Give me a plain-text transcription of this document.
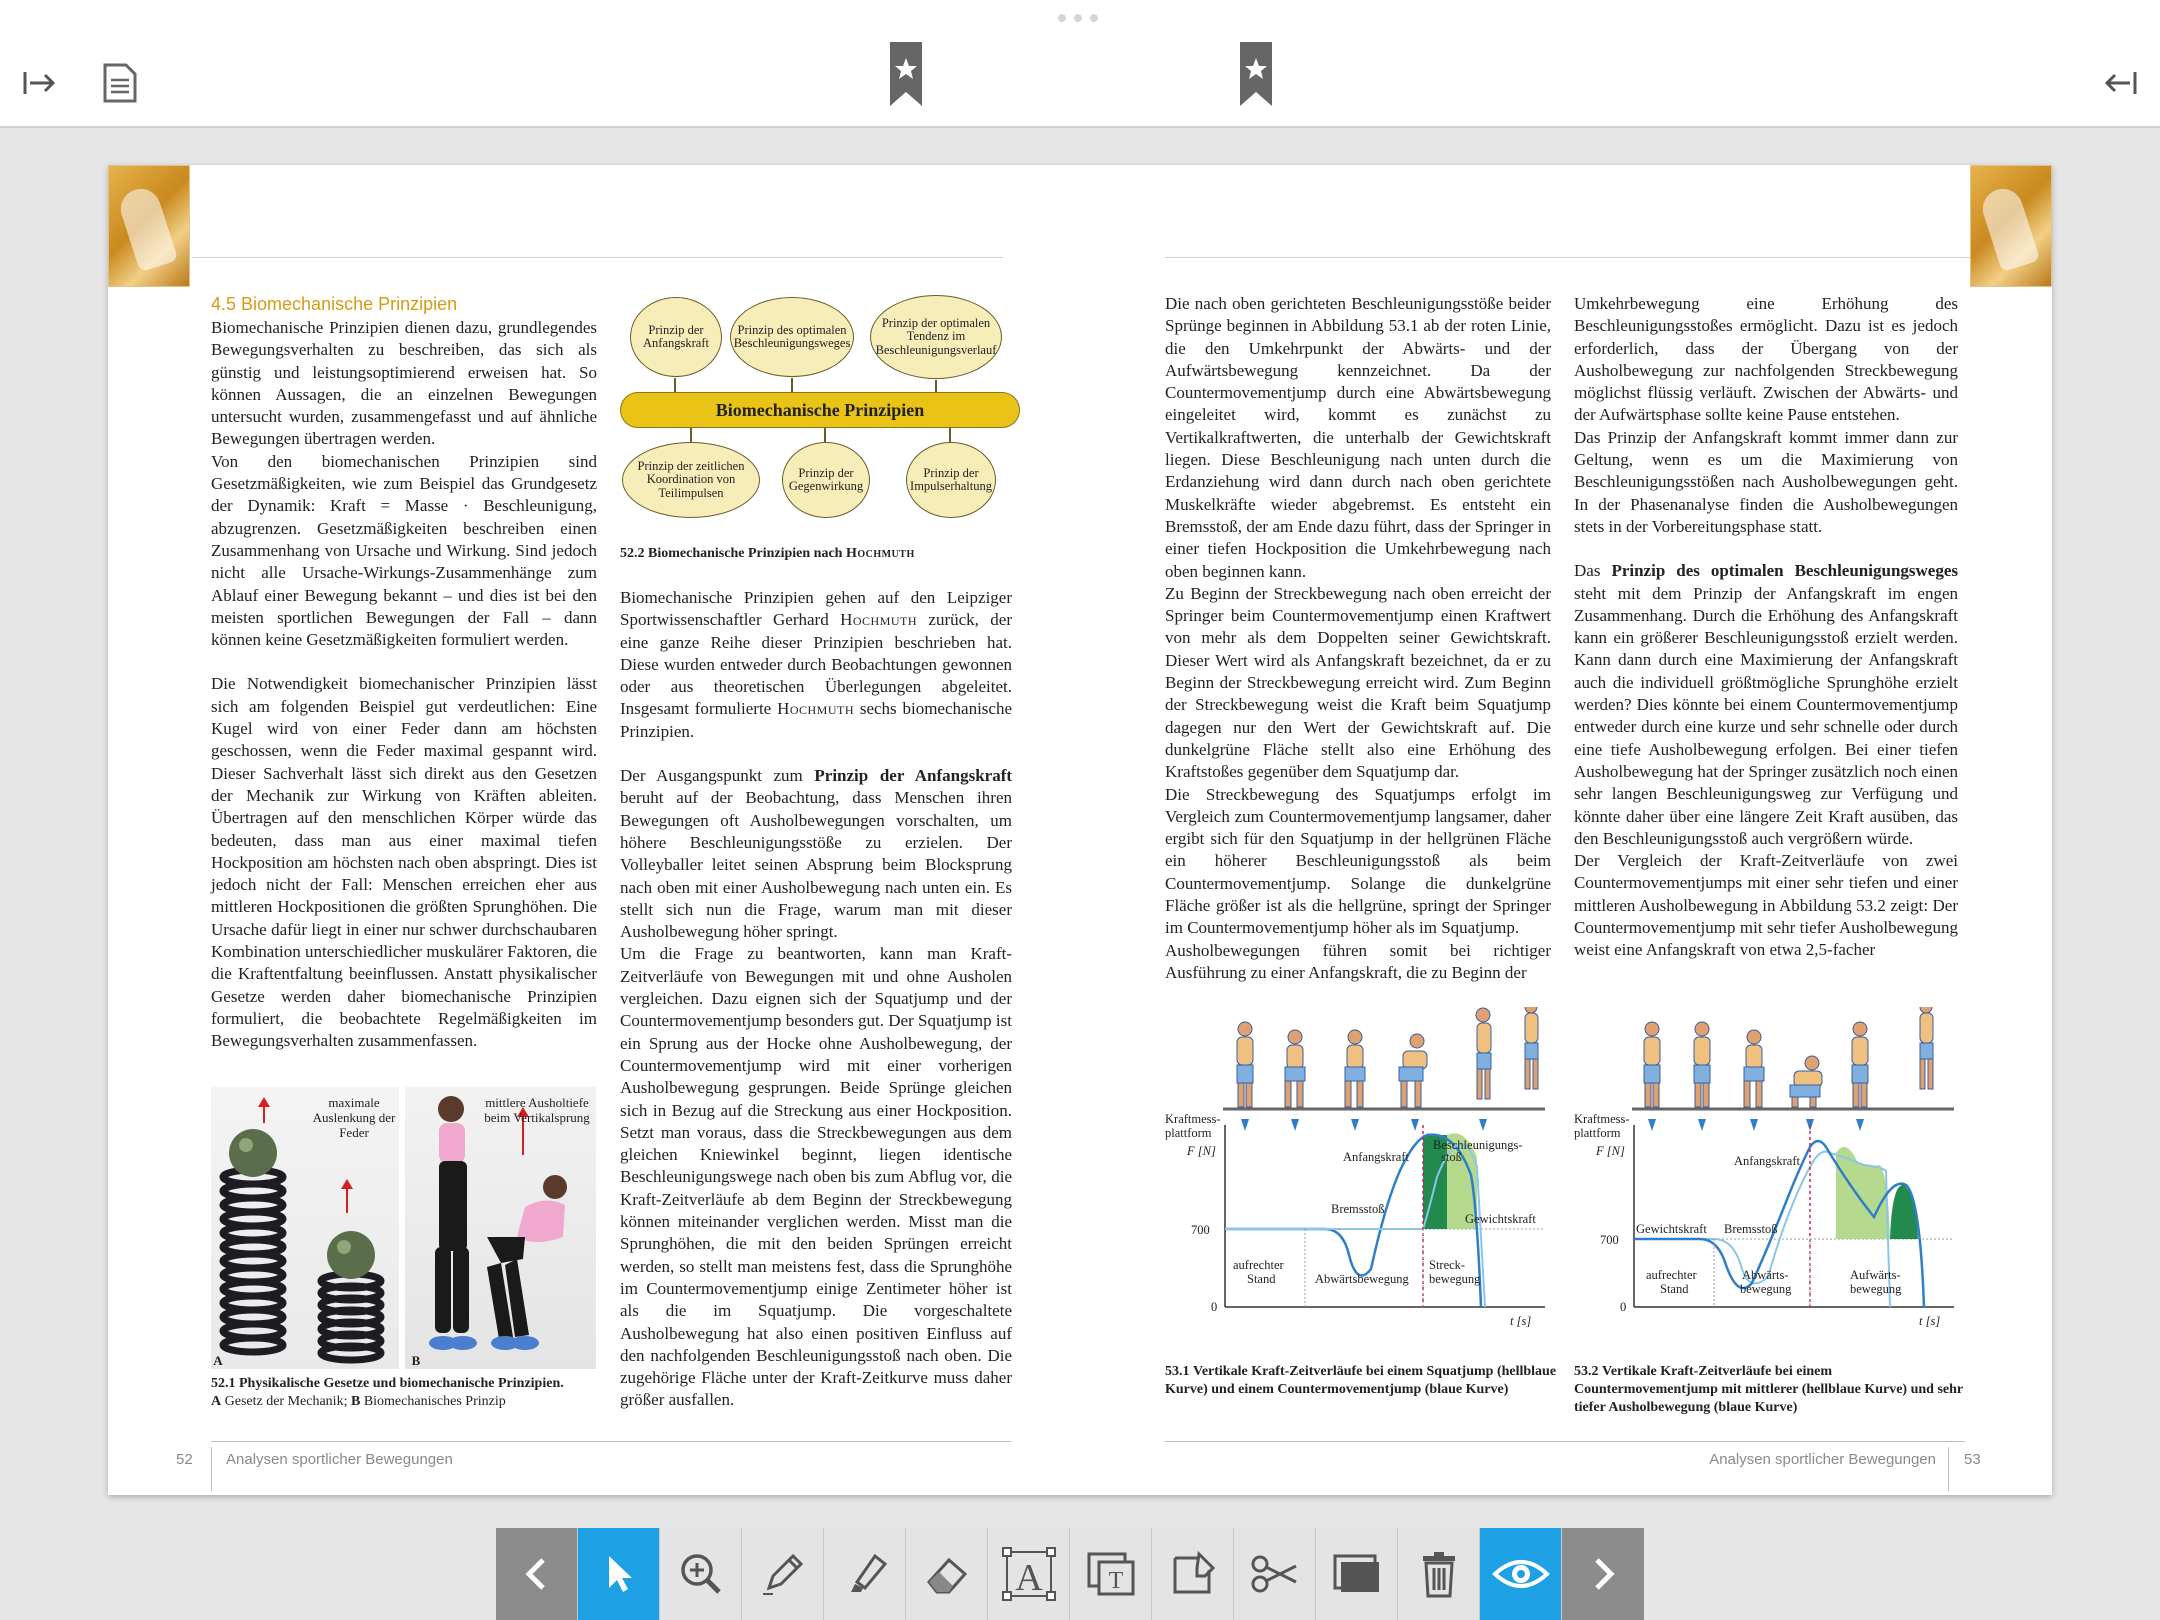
4.5 Biomechanische Prinzipien

Biomechanische Prinzipien dienen dazu, grundlegendes Bewegungsverhalten zu beschreiben, das sich als günstig und leistungsoptimierend erweisen hat. So können Aussagen, die an einzelnen Bewegungen untersucht wurden, zusammengefasst und auf ähnliche Bewegungen übertragen werden.

Von den biomechanischen Prinzipien sind Gesetzmäßigkeiten, wie zum Beispiel das Grundgesetz der Dynamik: Kraft = Masse · Beschleunigung, abzugrenzen. Gesetzmäßigkeiten beschreiben einen Zusammenhang von Ursache und Wirkung. Sind jedoch nicht alle Ursache-Wirkungs-Zusammenhänge zum Ablauf einer Bewegung bekannt – und dies ist bei den meisten sportlichen Bewegungen der Fall – dann können keine Gesetzmäßigkeiten formuliert werden.

Die Notwendigkeit biomechanischer Prinzipien lässt sich am folgenden Beispiel gut verdeutlichen: Eine Kugel wird von einer Feder dann am höchsten geschossen, wenn die Feder maximal gespannt wird. Dieser Sachverhalt lässt sich direkt aus den Gesetzen der Mechanik zur Wirkung von Kräften ableiten. Übertragen auf den menschlichen Körper würde das bedeuten, dass man aus einer maximal tiefen Hockposition am höchsten nach oben abspringt. Dies ist jedoch nicht der Fall: Menschen erreichen eher aus mittleren Hockpositionen die größten Sprunghöhen. Die Ursache dafür liegt in einer nur schwer durchschaubaren Kombination unterschiedlicher muskulärer Faktoren, die die Kraftentfaltung beeinflussen. Anstatt physikalischer Gesetze werden daher biomechanische Prinzipien formuliert, die beobachtete Regelmäßigkeiten im Bewegungsverhalten zusammenfassen.

maximale Auslenkung der Feder
A
mittlere Ausholtiefe beim Vertikalsprung
B
52.1 Physikalische Gesetze und biomechanische Prinzipien.
A Gesetz der Mechanik; B Biomechanisches Prinzip
Prinzip der Anfangskraft
Prinzip des optimalen Beschleunigungsweges
Prinzip der optimalen Tendenz im Beschleunigungsverlauf
Biomechanische Prinzipien
Prinzip der zeitlichen Koordination von Teilimpulsen
Prinzip der Gegenwirkung
Prinzip der Impulserhaltung
52.2 Biomechanische Prinzipien nach Hochmuth

Biomechanische Prinzipien gehen auf den Leipziger Sportwissenschaftler Gerhard Hochmuth zurück, der eine ganze Reihe dieser Prinzipien beschrieben hat. Diese wurden entweder durch Beobachtungen gewonnen oder aus theoretischen Überlegungen abgeleitet. Insgesamt formulierte Hochmuth sechs biomechanische Prinzipien.

Der Ausgangspunkt zum Prinzip der Anfangskraft beruht auf der Beobachtung, dass Menschen ihren Bewegungen oft Ausholbewegungen vorschalten, um höhere Beschleunigungsstöße zu erzielen. Der Volleyballer leitet seinen Absprung beim Blocksprung nach oben mit einer Ausholbewegung nach unten ein. Es stellt sich nun die Frage, warum man mit dieser Ausholbewegung höher springt.

Um die Frage zu beantworten, kann man Kraft-Zeitverläufe von Bewegungen mit und ohne Ausholen vergleichen. Dazu eignen sich der Squatjump und der Countermovementjump besonders gut. Der Squatjump ist ein Sprung aus der Hocke ohne Ausholbewegung, der Countermovementjump wird mit einer vorherigen Ausholbewegung gesprungen. Beide Sprünge gleichen sich in Bezug auf die Streckung aus einer Hockposition. Setzt man voraus, dass die Streckbewegungen aus dem gleichen Kniewinkel beginnt, liegen identische Beschleunigungswege nach oben bis zum Abflug vor, die Kraft-Zeitverläufe ab dem Beginn der Streckbewegung können miteinander verglichen werden. Misst man die Sprunghöhen, die mit den beiden Sprüngen erreicht werden, so stellt man meistens fest, dass die Sprunghöhe im Countermovementjump einige Zentimeter höher ist als die im Squatjump. Die vorgeschaltete Ausholbewegung hat also einen positiven Einfluss auf den nachfolgenden Beschleunigungsstoß nach oben. Die zugehörige Fläche unter der Kraft-Zeitkurve muss daher größer ausfallen.

52 Analysen sportlicher Bewegungen

Die nach oben gerichteten Beschleunigungsstöße beider Sprünge beginnen in Abbildung 53.1 ab der roten Linie, die den Umkehrpunkt der Abwärts- und der Aufwärtsbewegung kennzeichnet. Da der Countermovementjump durch eine Abwärtsbewegung eingeleitet wird, kommt es zunächst zu Vertikalkraftwerten, die unterhalb der Gewichtskraft liegen. Diese Beschleunigung nach unten durch die Erdanziehung wird dann durch nach oben gerichtete Muskelkräfte wieder abgebremst. Es entsteht ein Bremsstoß, der am Ende dazu führt, dass der Springer in einer tiefen Hockposition die Umkehrbewegung nach oben beginnen kann.

Zu Beginn der Streckbewegung nach oben erreicht der Springer beim Countermovementjump einen Kraftwert von mehr als dem Doppelten seiner Gewichtskraft. Dieser Wert wird als Anfangskraft bezeichnet, da er zu Beginn der Streckbewegung erreicht wird. Zum Beginn der Streckbewegung weist die Kraft beim Squatjump dagegen nur den Wert der Gewichtskraft auf. Die dunkelgrüne Fläche stellt also eine Erhöhung des Kraftstoßes gegenüber dem Squatjump dar.

Die Streckbewegung des Squatjumps erfolgt im Vergleich zum Countermovementjump langsamer, daher ergibt sich für den Squatjump in der hellgrünen Fläche ein höherer Beschleunigungsstoß als beim Countermovementjump. Solange die dunkelgrüne Fläche größer ist als die hellgrüne, springt der Springer im Countermovementjump höher als im Squatjump.

Ausholbewegungen führen somit bei richtiger Ausführung zu einer Anfangskraft, die zu Beginn der

Umkehrbewegung eine Erhöhung des Beschleunigungsstoßes ermöglicht. Dazu ist es jedoch erforderlich, dass der Übergang von der Ausholbewegung zur nachfolgenden Streckbewegung möglichst flüssig verläuft. Zwischen der Abwärts- und der Aufwärtsphase sollte keine Pause entstehen.

Das Prinzip der Anfangskraft kommt immer dann zur Geltung, wenn es um die Maximierung von Beschleunigungsstößen nach Ausholbewegungen geht. In der Phasenanalyse finden die Ausholbewegungen stets in der Vorbereitungsphase statt.

Das Prinzip des optimalen Beschleunigungsweges steht mit dem Prinzip der Anfangskraft im engen Zusammenhang. Durch die Erhöhung des Anfangskraft kann ein größerer Beschleunigungsstoß erzielt werden. Kann dann durch eine Maximierung der Anfangskraft auch die individuell größtmögliche Sprunghöhe erzielt werden? Dies könnte bei einem Countermovementjump entweder durch eine kurze und sehr schnelle oder durch eine tiefe Ausholbewegung erfolgen. Bei einer tiefen Ausholbewegung hat der Springer zusätzlich noch einen sehr langen Beschleunigungsweg zur Verfügung und könnte daher über eine längere Zeit Kraft ausüben, das den Beschleunigungsstoß auch vergrößern würde.

Der Vergleich der Kraft-Zeitverläufe von zwei Countermovementjumps mit einer sehr tiefen und einer mittleren Ausholbewegung in Abbildung 53.2 zeigt: Der Countermovementjump mit sehr tiefer Ausholbewegung weist eine Anfangskraft von etwa 2,5-facher

Kraftmess-
plattform
F [N]
700
0
t [s]
Anfangskraft
Beschleunigungs-
stoß
Bremsstoß
Gewichtskraft
aufrechter
Stand	Abwärtsbewegung
Streck-
bewegung
53.1 Vertikale Kraft-Zeitverläufe bei einem Squatjump (hellblaue Kurve) und einem Countermovementjump (blaue Kurve)
Kraftmess-
plattform
F [N]
700
0
t [s]
Anfangskraft
Gewichtskraft Bremsstoß
aufrechter
Stand
Abwärts-
bewegung
Aufwärts-
bewegung
53.2 Vertikale Kraft-Zeitverläufe bei einem Countermovementjump mit mittlerer (hellblaue Kurve) und sehr tiefer Ausholbewegung (blaue Kurve)
Analysen sportlicher Bewegungen 53
A	T
